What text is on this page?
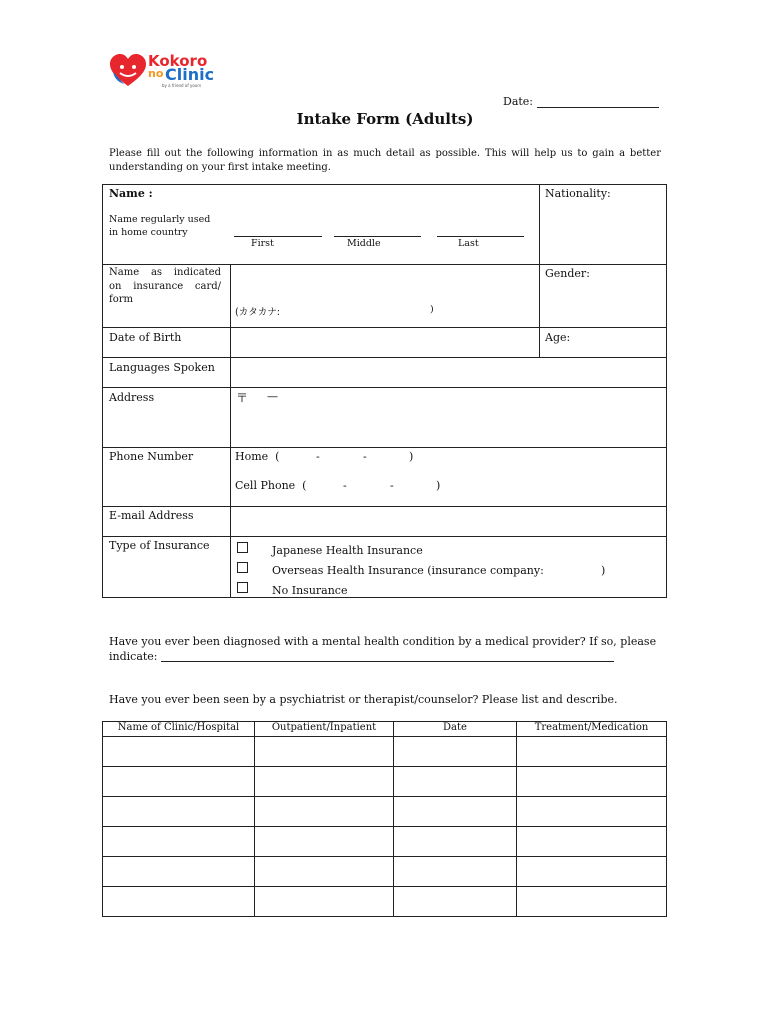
Kokoro
no Clinic
by a friend of yours
Date:
Intake Form (Adults)
Please fill out the following information in as much detail as possible. This will help us to gain a better
understanding on your first intake meeting.
Name :
Name regularly used
in home country
First	Middle	Last
Nationality:
Name as indicated
on insurance card/
form
(カタカナ:	)
Gender:
Date of Birth	Age:
Languages Spoken
Address	〒 —
Phone Number	Home  (	-	-	)
Cell Phone  (	-	-	)
E-mail Address
Type of Insurance	Japanese Health Insurance
Overseas Health Insurance (insurance company:	)
No Insurance
Have you ever been diagnosed with a mental health condition by a medical provider? If so, please
indicate:
Have you ever been seen by a psychiatrist or therapist/counselor? Please list and describe.
Name of Clinic/Hospital	Outpatient/Inpatient	Date	Treatment/Medication
